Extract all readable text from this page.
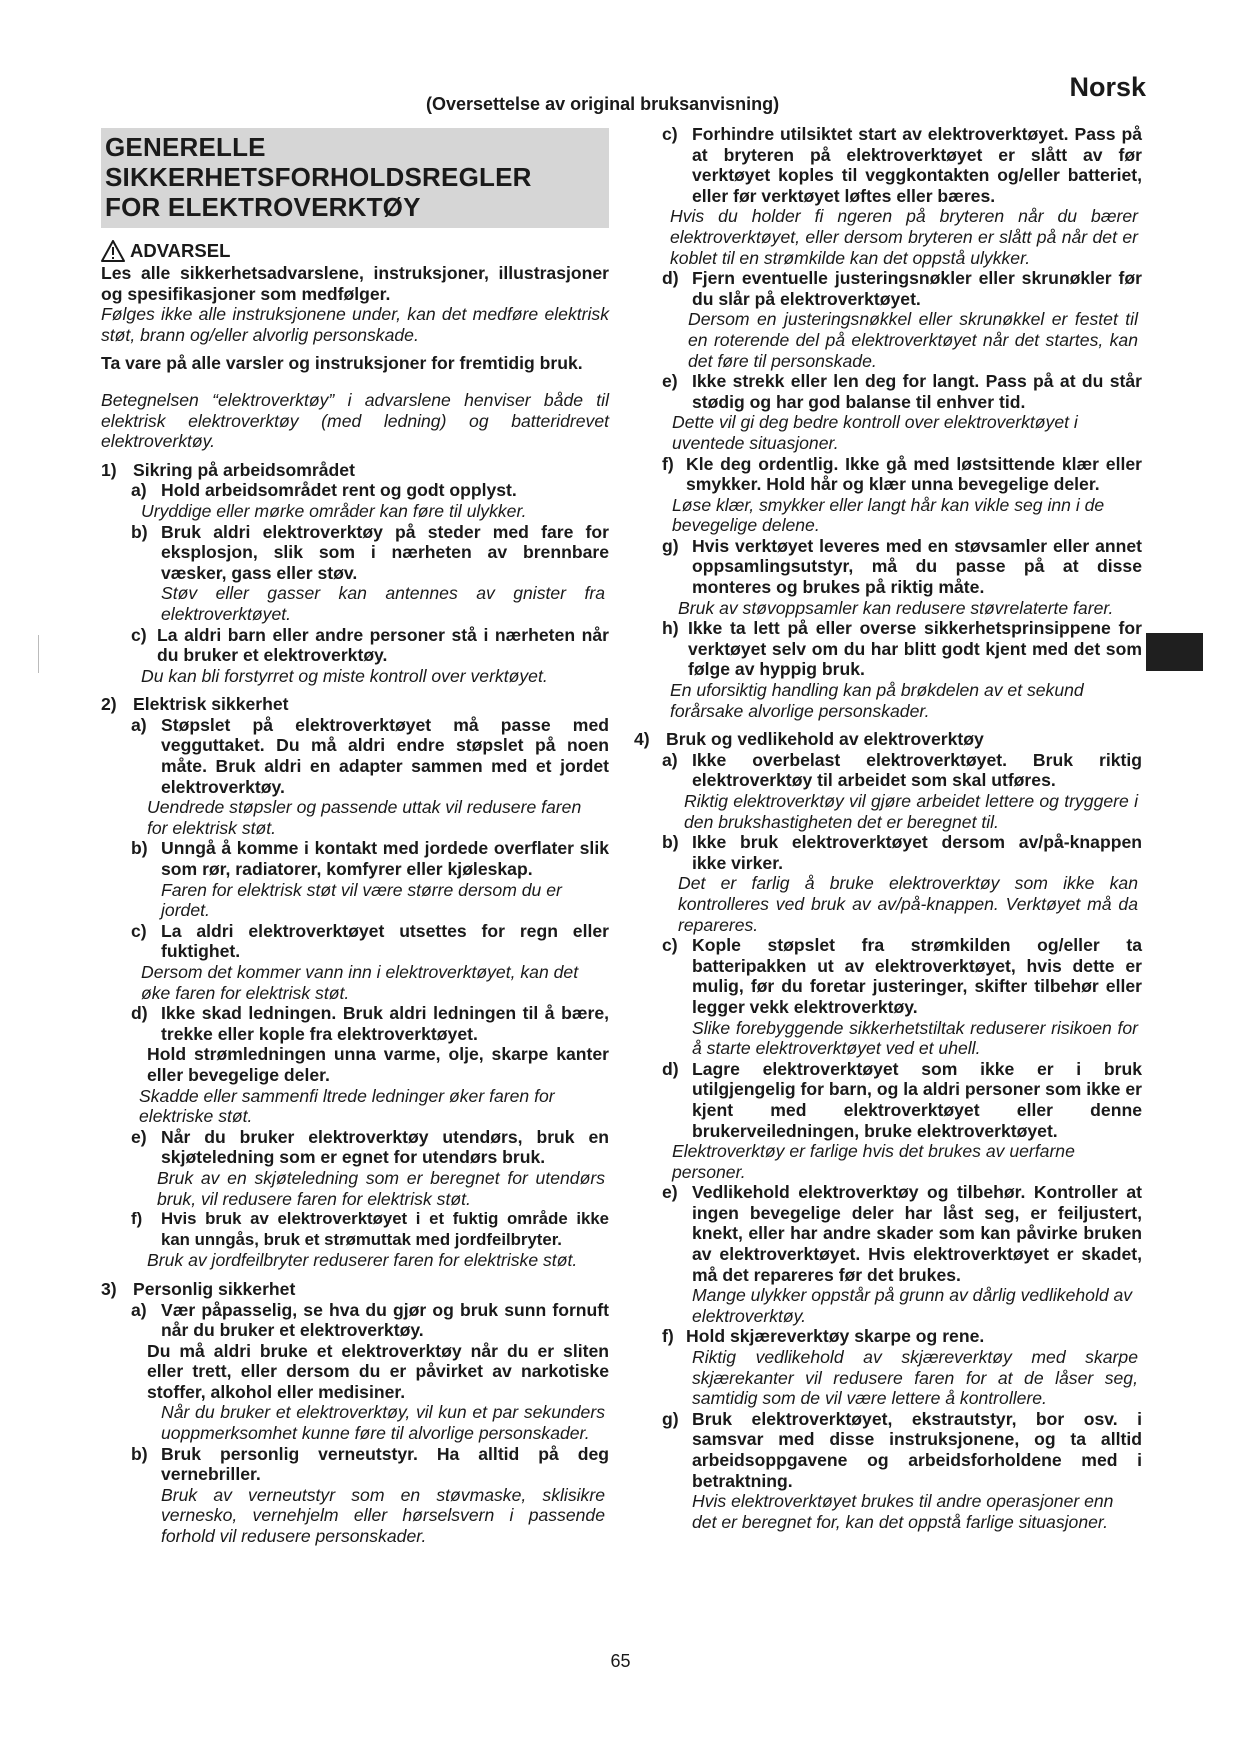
Norsk
(Oversettelse av original bruksanvisning)
GENERELLE
SIKKERHETSFORHOLDSREGLER
FOR ELEKTROVERKTØY
ADVARSEL

Les alle sikkerhetsadvarslene, instruksjoner, illustrasjoner og spesifikasjoner som medfølger.

Følges ikke alle instruksjonene under, kan det medføre elektrisk støt, brann og/eller alvorlig personskade.

Ta vare på alle varsler og instruksjoner for fremtidig bruk.

Betegnelsen “elektroverktøy” i advarslene henviser både til elektrisk elektroverktøy (med ledning) og batteridrevet elektroverktøy.

1) Sikring på arbeidsområdet
a) Hold arbeidsområdet rent og godt opplyst.

Uryddige eller mørke områder kan føre til ulykker.

b) Bruk aldri elektroverktøy på steder med fare for eksplosjon, slik som i nærheten av brennbare væsker, gass eller støv.

Støv eller gasser kan antennes av gnister fra elektroverktøyet.

c) La aldri barn eller andre personer stå i nærheten når du bruker et elektroverktøy.

Du kan bli forstyrret og miste kontroll over verktøyet.

2) Elektrisk sikkerhet
a) Støpslet på elektroverktøyet må passe med vegguttaket. Du må aldri endre støpslet på noen måte. Bruk aldri en adapter sammen med et jordet elektroverktøy.

Uendrede støpsler og passende uttak vil redusere faren for elektrisk støt.

b) Unngå å komme i kontakt med jordede overflater slik som rør, radiatorer, komfyrer eller kjøleskap.

Faren for elektrisk støt vil være større dersom du er jordet.

c) La aldri elektroverktøyet utsettes for regn eller fuktighet.

Dersom det kommer vann inn i elektroverktøyet, kan det øke faren for elektrisk støt.

d) Ikke skad ledningen. Bruk aldri ledningen til å bære, trekke eller kople fra elektroverktøyet.

Hold strømledningen unna varme, olje, skarpe kanter eller bevegelige deler.

Skadde eller sammenfi ltrede ledninger øker faren for elektriske støt.

e) Når du bruker elektroverktøy utendørs, bruk en skjøteledning som er egnet for utendørs bruk.

Bruk av en skjøteledning som er beregnet for utendørs bruk, vil redusere faren for elektrisk støt.

f)	Hvis bruk av elektroverktøyet i et fuktig område ikke kan unngås, bruk et strømuttak med jordfeilbryter.

Bruk av jordfeilbryter reduserer faren for elektriske støt.

3) Personlig sikkerhet
a) Vær påpasselig, se hva du gjør og bruk sunn fornuft når du bruker et elektroverktøy.

Du må aldri bruke et elektroverktøy når du er sliten eller trett, eller dersom du er påvirket av narkotiske stoffer, alkohol eller medisiner.

Når du bruker et elektroverktøy, vil kun et par sekunders uoppmerksomhet kunne føre til alvorlige personskader.

b) Bruk personlig verneutstyr. Ha alltid på deg vernebriller.

Bruk av verneutstyr som en støvmaske, sklisikre vernesko, vernehjelm eller hørselsvern i passende forhold vil redusere personskader.

c) Forhindre utilsiktet start av elektroverktøyet. Pass på at bryteren på elektroverktøyet er slått av før verktøyet koples til veggkontakten og/eller batteriet, eller før verktøyet løftes eller bæres.

Hvis du holder fi ngeren på bryteren når du bærer elektroverktøyet, eller dersom bryteren er slått på når det er koblet til en strømkilde kan det oppstå ulykker.

d) Fjern eventuelle justeringsnøkler eller skrunøkler før du slår på elektroverktøyet.

Dersom en justeringsnøkkel eller skrunøkkel er festet til en roterende del på elektroverktøyet når det startes, kan det føre til personskade.

e) Ikke strekk eller len deg for langt. Pass på at du står stødig og har god balanse til enhver tid.

Dette vil gi deg bedre kontroll over elektroverktøyet i uventede situasjoner.

f) Kle deg ordentlig. Ikke gå med løstsittende klær eller smykker. Hold hår og klær unna bevegelige deler.

Løse klær, smykker eller langt hår kan vikle seg inn i de bevegelige delene.

g) Hvis verktøyet leveres med en støvsamler eller annet oppsamlingsutstyr, må du passe på at disse monteres og brukes på riktig måte.

Bruk av støvoppsamler kan redusere støvrelaterte farer.

h) Ikke ta lett på eller overse sikkerhetsprinsippene for verktøyet selv om du har blitt godt kjent med det som følge av hyppig bruk.

En uforsiktig handling kan på brøkdelen av et sekund forårsake alvorlige personskader.

4) Bruk og vedlikehold av elektroverktøy
a) Ikke overbelast elektroverktøyet. Bruk riktig elektroverktøy til arbeidet som skal utføres.

Riktig elektroverktøy vil gjøre arbeidet lettere og tryggere i den brukshastigheten det er beregnet til.

b) Ikke bruk elektroverktøyet dersom av/på-knappen ikke virker.

Det er farlig å bruke elektroverktøy som ikke kan kontrolleres ved bruk av av/på-knappen. Verktøyet må da repareres.

c) Kople støpslet fra strømkilden og/eller ta batteripakken ut av elektroverktøyet, hvis dette er mulig, før du foretar justeringer, skifter tilbehør eller legger vekk elektroverktøy.

Slike forebyggende sikkerhetstiltak reduserer risikoen for å starte elektroverktøyet ved et uhell.

d) Lagre elektroverktøyet som ikke er i bruk utilgjengelig for barn, og la aldri personer som ikke er kjent med elektroverktøyet eller denne brukerveiledningen, bruke elektroverktøyet.

Elektroverktøy er farlige hvis det brukes av uerfarne personer.

e) Vedlikehold elektroverktøy og tilbehør. Kontroller at ingen bevegelige deler har låst seg, er feiljustert, knekt, eller har andre skader som kan påvirke bruken av elektroverktøyet. Hvis elektroverktøyet er skadet, må det repareres før det brukes.

Mange ulykker oppstår på grunn av dårlig vedlikehold av elektroverktøy.

f) Hold skjæreverktøy skarpe og rene.

Riktig vedlikehold av skjæreverktøy med skarpe skjærekanter vil redusere faren for at de låser seg, samtidig som de vil være lettere å kontrollere.

g) Bruk elektroverktøyet, ekstrautstyr, bor osv. i samsvar med disse instruksjonene, og ta alltid arbeidsoppgavene og arbeidsforholdene med i betraktning.

Hvis elektroverktøyet brukes til andre operasjoner enn det er beregnet for, kan det oppstå farlige situasjoner.

65
